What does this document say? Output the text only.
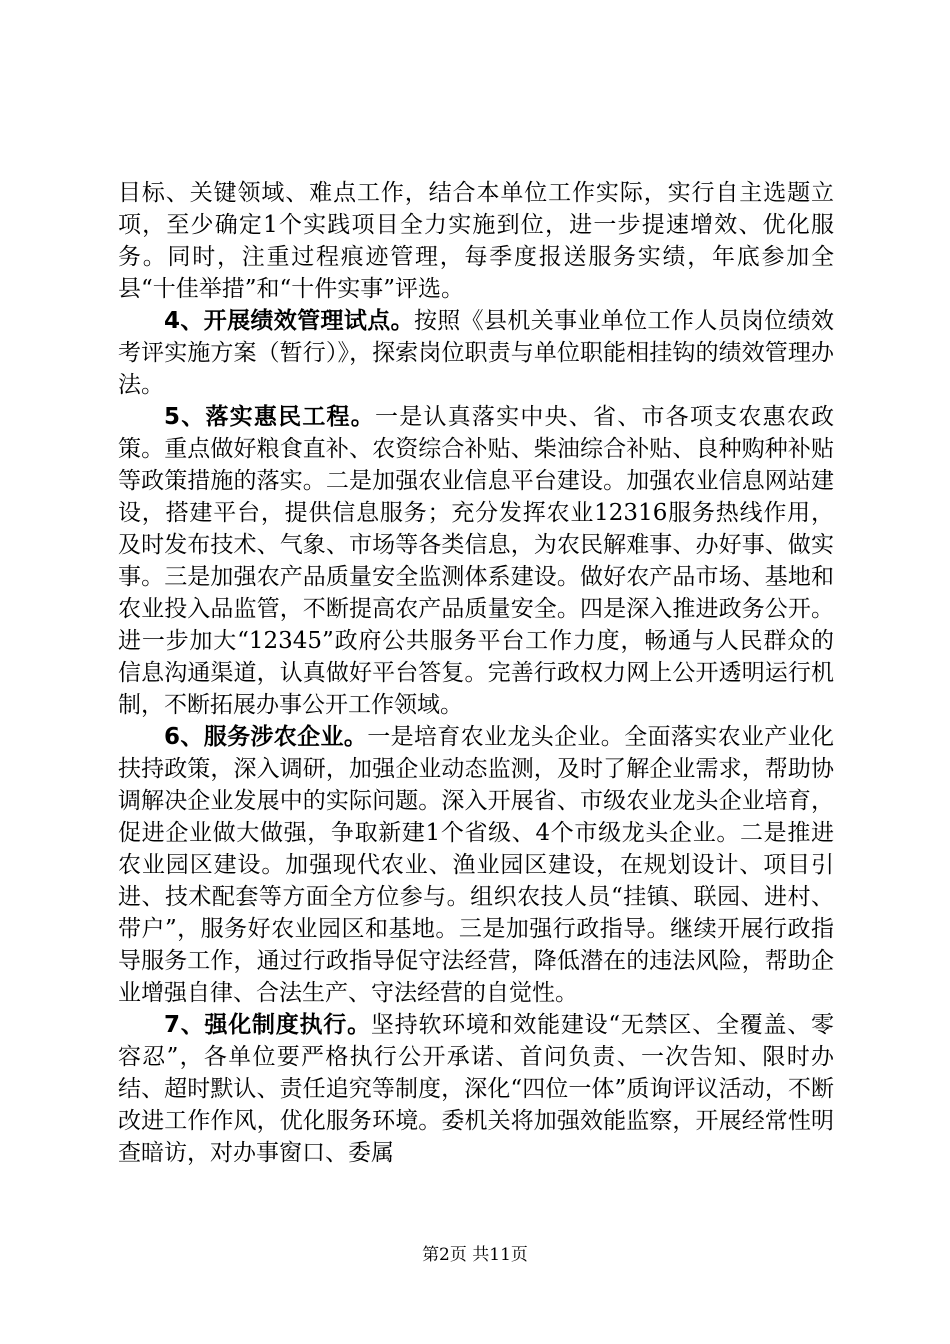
目标、关键领域、难点工作，结合本单位工作实际，实行自主选题立项，至少确定1个实践项目全力实施到位，进一步提速增效、优化服务。同时，注重过程痕迹管理，每季度报送服务实绩，年底参加全县“十佳举措”和“十件实事”评选。

4、开展绩效管理试点。按照《县机关事业单位工作人员岗位绩效考评实施方案（暂行）》，探索岗位职责与单位职能相挂钩的绩效管理办法。

5、落实惠民工程。一是认真落实中央、省、市各项支农惠农政策。重点做好粮食直补、农资综合补贴、柴油综合补贴、良种购种补贴等政策措施的落实。二是加强农业信息平台建设。加强农业信息网站建设，搭建平台，提供信息服务；充分发挥农业12316服务热线作用，及时发布技术、气象、市场等各类信息，为农民解难事、办好事、做实事。三是加强农产品质量安全监测体系建设。做好农产品市场、基地和农业投入品监管，不断提高农产品质量安全。四是深入推进政务公开。进一步加大“12345”政府公共服务平台工作力度，畅通与人民群众的信息沟通渠道，认真做好平台答复。完善行政权力网上公开透明运行机制，不断拓展办事公开工作领域。

6、服务涉农企业。一是培育农业龙头企业。全面落实农业产业化扶持政策，深入调研，加强企业动态监测，及时了解企业需求，帮助协调解决企业发展中的实际问题。深入开展省、市级农业龙头企业培育，促进企业做大做强，争取新建1个省级、4个市级龙头企业。二是推进农业园区建设。加强现代农业、渔业园区建设，在规划设计、项目引进、技术配套等方面全方位参与。组织农技人员“挂镇、联园、进村、带户”，服务好农业园区和基地。三是加强行政指导。继续开展行政指导服务工作，通过行政指导促守法经营，降低潜在的违法风险，帮助企业增强自律、合法生产、守法经营的自觉性。

7、强化制度执行。坚持软环境和效能建设“无禁区、全覆盖、零容忍”，各单位要严格执行公开承诺、首问负责、一次告知、限时办结、超时默认、责任追究等制度，深化“四位一体”质询评议活动，不断改进工作作风，优化服务环境。委机关将加强效能监察，开展经常性明查暗访，对办事窗口、委属

第2页 共11页
